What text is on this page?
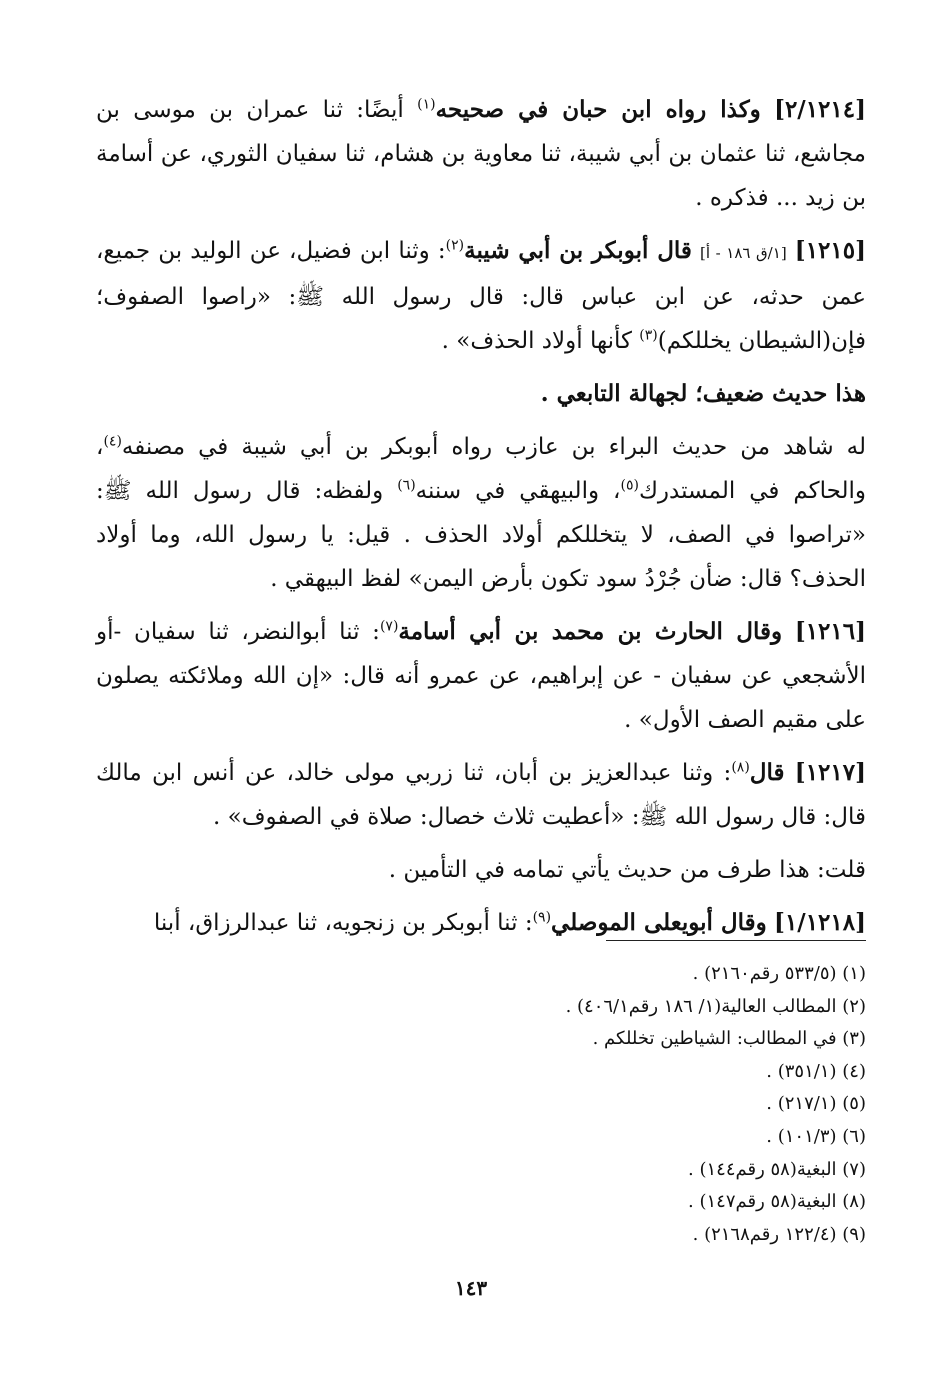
[٢/١٢١٤] وكذا رواه ابن حبان في صحيحه$^{(١)}$ أيضًا: ثنا عمران بن موسى بن مجاشع، ثنا عثمان بن أبي شيبة، ثنا معاوية بن هشام، ثنا سفيان الثوري، عن أسامة بن زيد ... فذكره .

[١٢١٥] [١/ق ١٨٦ - أ] قال أبوبكر بن أبي شيبة$^{(٢)}$: وثنا ابن فضيل، عن الوليد بن جميع، عمن حدثه، عن ابن عباس قال: قال رسول الله ﷺ: «راصوا الصفوف؛ فإن(الشيطان يخللكم)$^{(٣)}$ كأنها أولاد الحذف» .

هذا حديث ضعيف؛ لجهالة التابعي .

له شاهد من حديث البراء بن عازب رواه أبوبكر بن أبي شيبة في مصنفه$^{(٤)}$، والحاكم في المستدرك$^{(٥)}$، والبيهقي في سننه$^{(٦)}$ ولفظه: قال رسول الله ﷺ: «تراصوا في الصف، لا يتخللكم أولاد الحذف . قيل: يا رسول الله، وما أولاد الحذف؟ قال: ضأن جُرْدُ سود تكون بأرض اليمن» لفظ البيهقي .

[١٢١٦] وقال الحارث بن محمد بن أبي أسامة$^{(٧)}$: ثنا أبوالنضر، ثنا سفيان -أو الأشجعي عن سفيان - عن إبراهيم، عن عمرو أنه قال: «إن الله وملائكته يصلون على مقيم الصف الأول» .

[١٢١٧] قال$^{(٨)}$: وثنا عبدالعزيز بن أبان، ثنا زربي مولى خالد، عن أنس ابن مالك قال: قال رسول الله ﷺ: «أعطيت ثلاث خصال: صلاة في الصفوف» .

قلت: هذا طرف من حديث يأتي تمامه في التأمين .

[١/١٢١٨] وقال أبويعلى الموصلي$^{(٩)}$: ثنا أبوبكر بن زنجويه، ثنا عبدالرزاق، أبنا

(١) (٥٣٣/٥ رقم٢١٦٠) .
(٢) المطالب العالية(١/ ١٨٦ رقم٤٠٦/١) .
(٣) في المطالب: الشياطين تخللكم .
(٤) (٣٥١/١) .
(٥) (٢١٧/١) .
(٦) (١٠١/٣) .
(٧) البغية(٥٨ رقم١٤٤) .
(٨) البغية(٥٨ رقم١٤٧) .
(٩) (١٢٢/٤ رقم٢١٦٨) .
١٤٣
